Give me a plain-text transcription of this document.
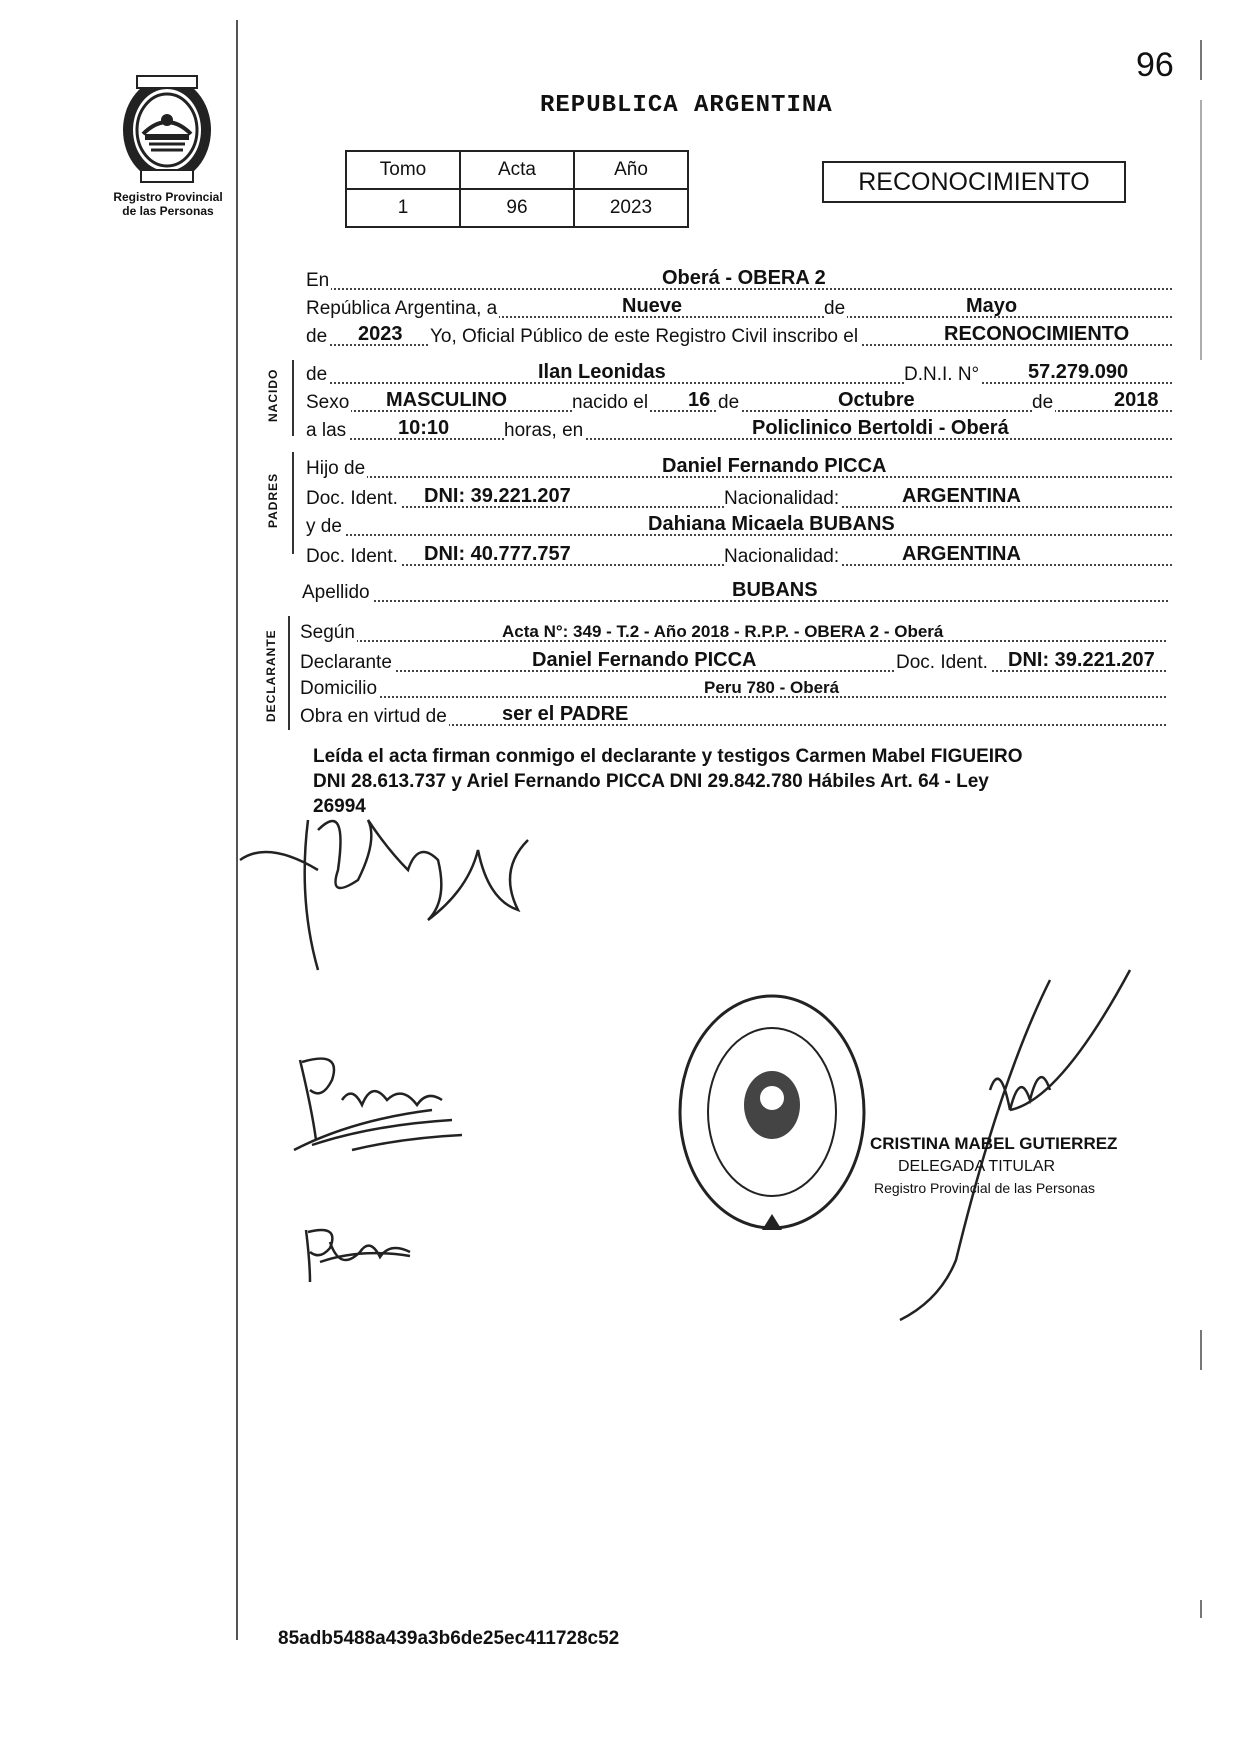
Registro Provincial
de las Personas
96
REPUBLICA ARGENTINA
Tomo	Acta	Año
1	96	2023
RECONOCIMIENTO
NACIDO
PADRES
DECLARANTE
En	Oberá - OBERA 2
República Argentina, a	Nueve	de	Mayo
de 2023 Yo, Oficial Público de este Registro Civil inscribo el	RECONOCIMIENTO
de	Ilan Leonidas	D.N.I. N° 57.279.090
Sexo MASCULINO	nacido el 16 de	Octubre	de	2018
a las	10:10	horas, en	Policlinico Bertoldi - Oberá
Hijo de	Daniel Fernando PICCA
Doc. Ident. DNI: 39.221.207	Nacionalidad:	ARGENTINA
y de	Dahiana Micaela BUBANS
Doc. Ident. DNI: 40.777.757	Nacionalidad:	ARGENTINA
Apellido	BUBANS
Según	Acta N°: 349 - T.2 - Año 2018 - R.P.P. - OBERA 2 - Oberá
Declarante	Daniel Fernando PICCA	Doc. Ident. DNI: 39.221.207
Domicilio	Peru 780 - Oberá
Obra en virtud de	ser el PADRE
Leída el acta firman conmigo el declarante y testigos Carmen Mabel FIGUEIRO
DNI 28.613.737 y Ariel Fernando PICCA DNI 29.842.780 Hábiles Art. 64 - Ley
26994
CRISTINA MABEL GUTIERREZ
DELEGADA TITULAR
Registro Provincial de las Personas
85adb5488a439a3b6de25ec411728c52
